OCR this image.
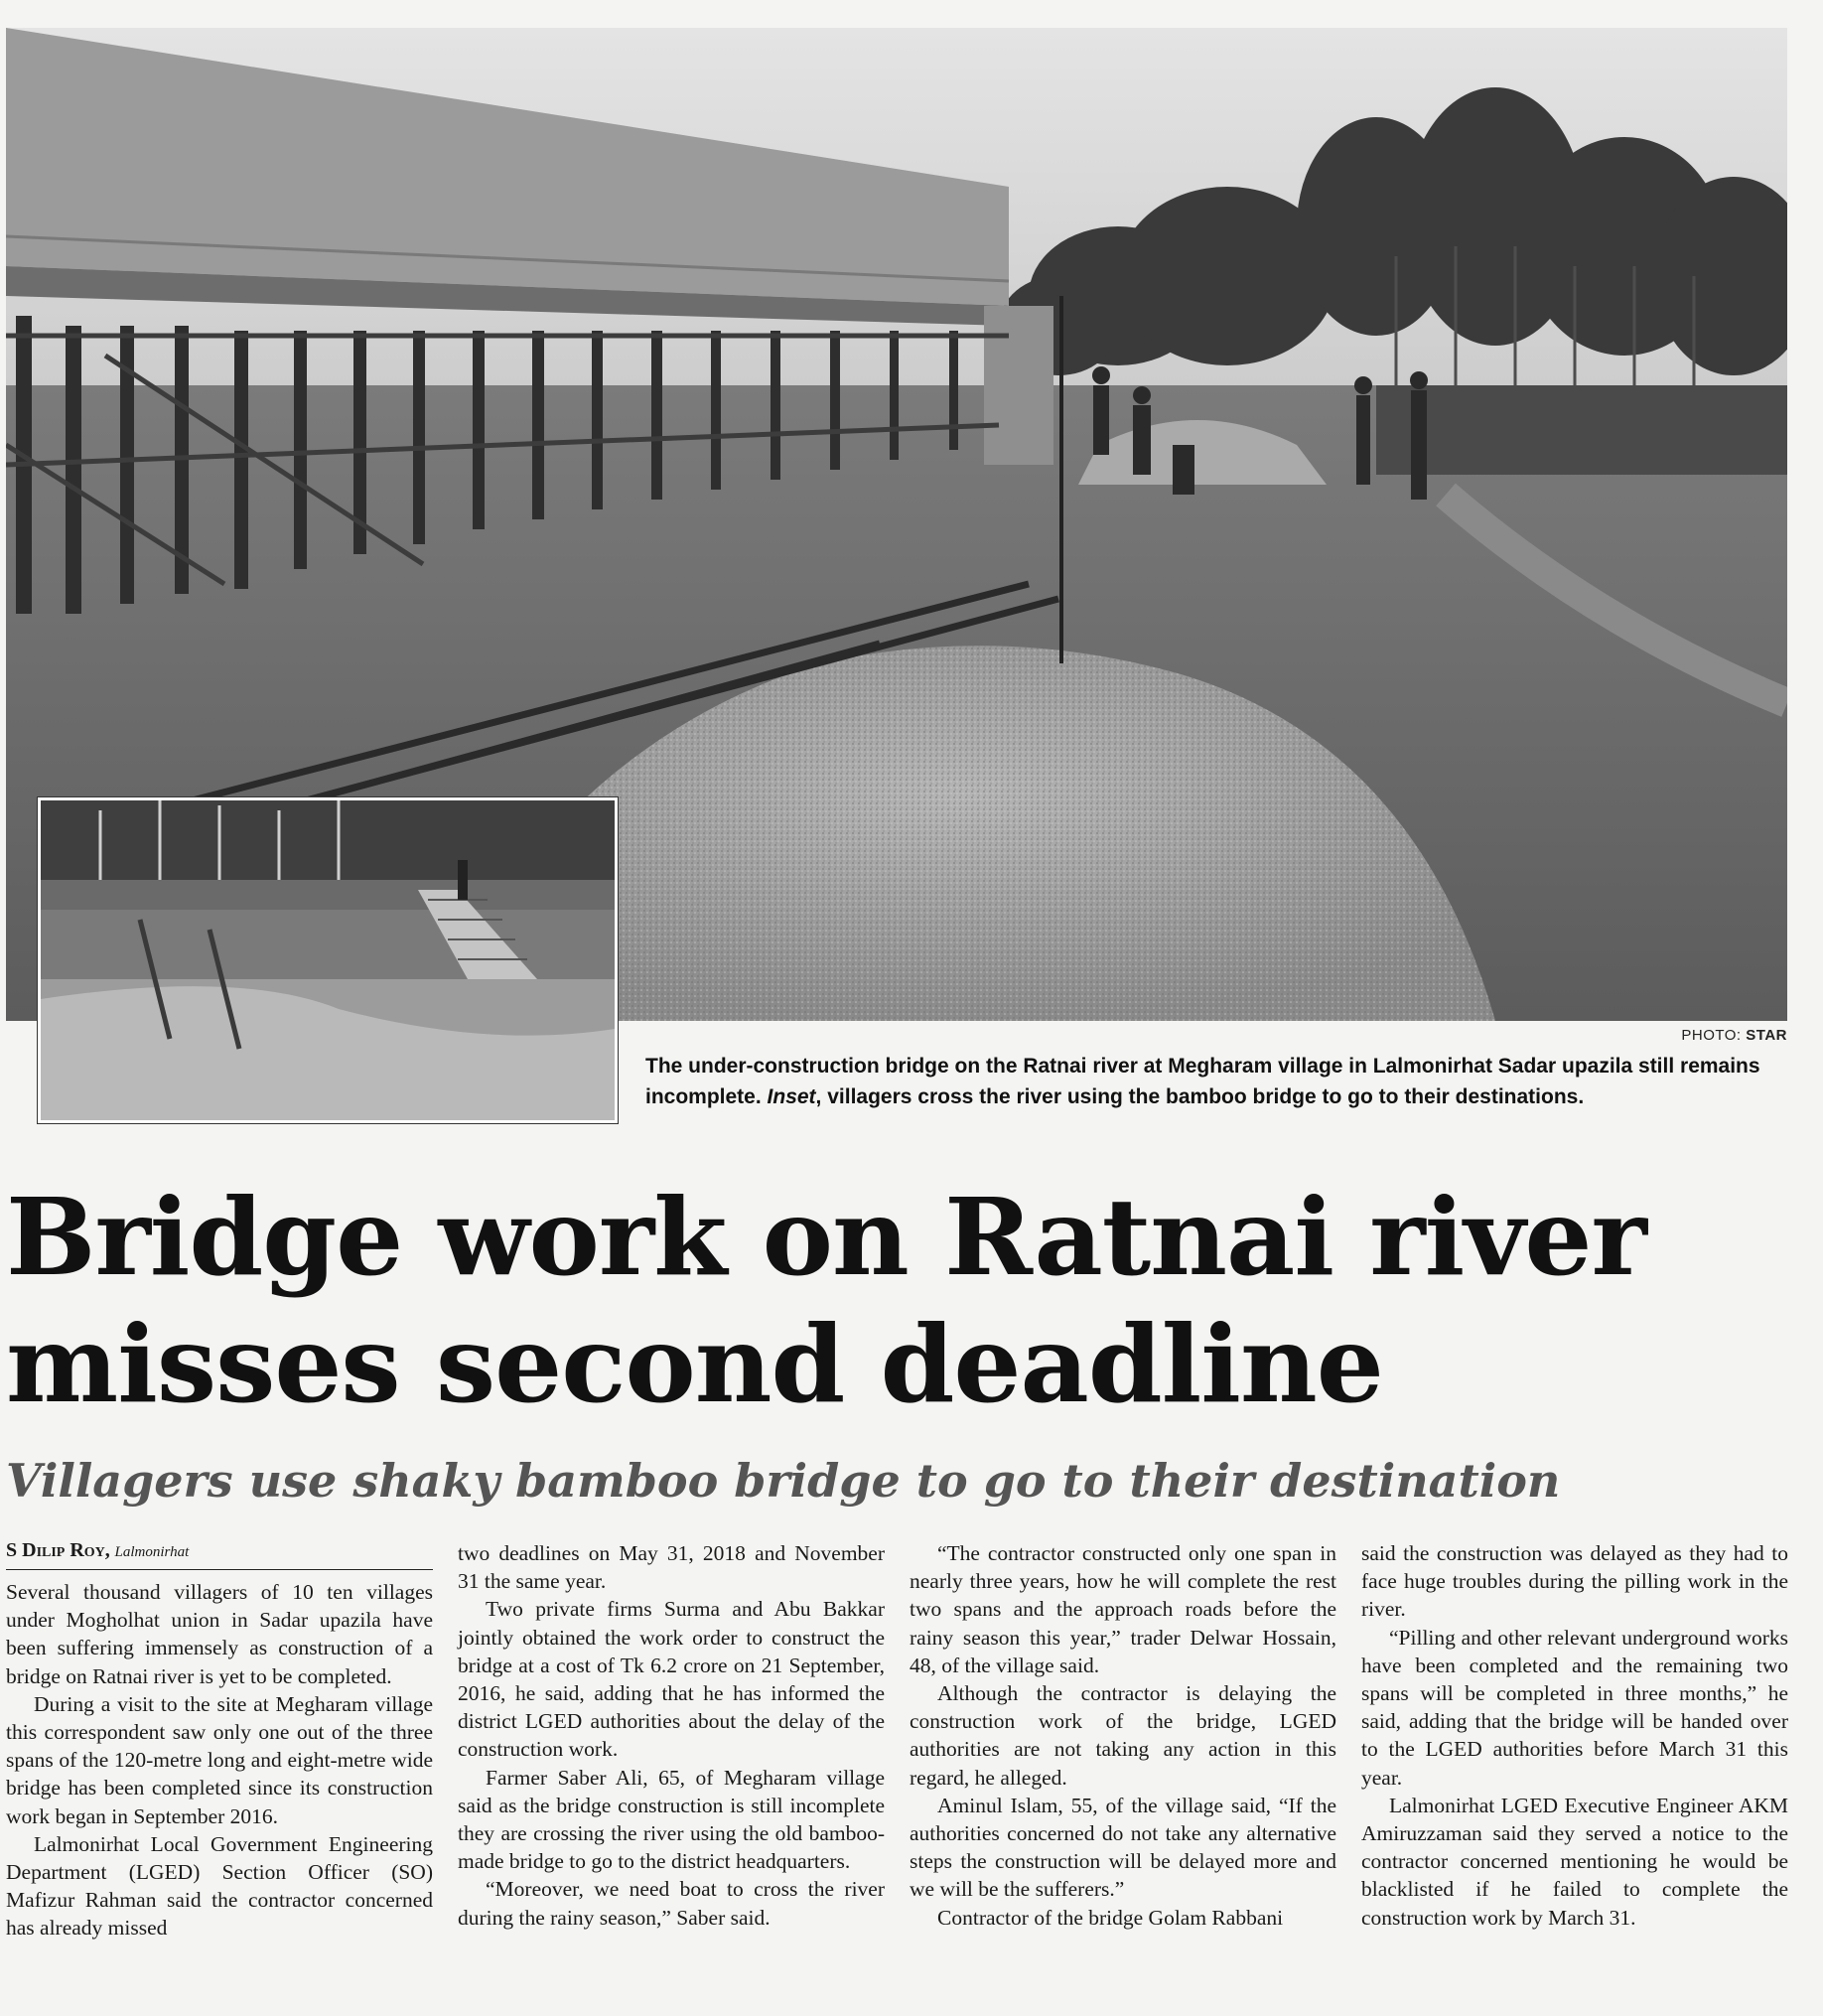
PHOTO: STAR
The under-construction bridge on the Ratnai river at Megharam village in Lalmonirhat Sadar upazila still remains incomplete. Inset, villagers cross the river using the bamboo bridge to go to their destinations.
Bridge work on Ratnai river
misses second deadline
Villagers use shaky bamboo bridge to go to their destination
S Dilip Roy, Lalmonirhat

Several thousand villagers of 10 ten villages under Mogholhat union in Sadar upazila have been suffering immensely as construction of a bridge on Ratnai river is yet to be completed.

During a visit to the site at Megharam village this correspondent saw only one out of the three spans of the 120-metre long and eight-metre wide bridge has been completed since its construction work began in September 2016.

Lalmonirhat Local Government Engineering Department (LGED) Section Officer (SO) Mafizur Rahman said the contractor concerned has already missed

two deadlines on May 31, 2018 and November 31 the same year.

Two private firms Surma and Abu Bakkar jointly obtained the work order to construct the bridge at a cost of Tk 6.2 crore on 21 September, 2016, he said, adding that he has informed the district LGED authorities about the delay of the construction work.

Farmer Saber Ali, 65, of Megharam village said as the bridge construction is still incomplete they are crossing the river using the old bamboo-made bridge to go to the district headquarters.

“Moreover, we need boat to cross the river during the rainy season,” Saber said.

“The contractor constructed only one span in nearly three years, how he will complete the rest two spans and the approach roads before the rainy season this year,” trader Delwar Hossain, 48, of the village said.

Although the contractor is delaying the construction work of the bridge, LGED authorities are not taking any action in this regard, he alleged.

Aminul Islam, 55, of the village said, “If the authorities concerned do not take any alternative steps the construction will be delayed more and we will be the sufferers.”

Contractor of the bridge Golam Rabbani

said the construction was delayed as they had to face huge troubles during the pilling work in the river.

“Pilling and other relevant underground works have been completed and the remaining two spans will be completed in three months,” he said, adding that the bridge will be handed over to the LGED authorities before March 31 this year.

Lalmonirhat LGED Executive Engineer AKM Amiruzzaman said they served a notice to the contractor concerned mentioning he would be blacklisted if he failed to complete the construction work by March 31.
